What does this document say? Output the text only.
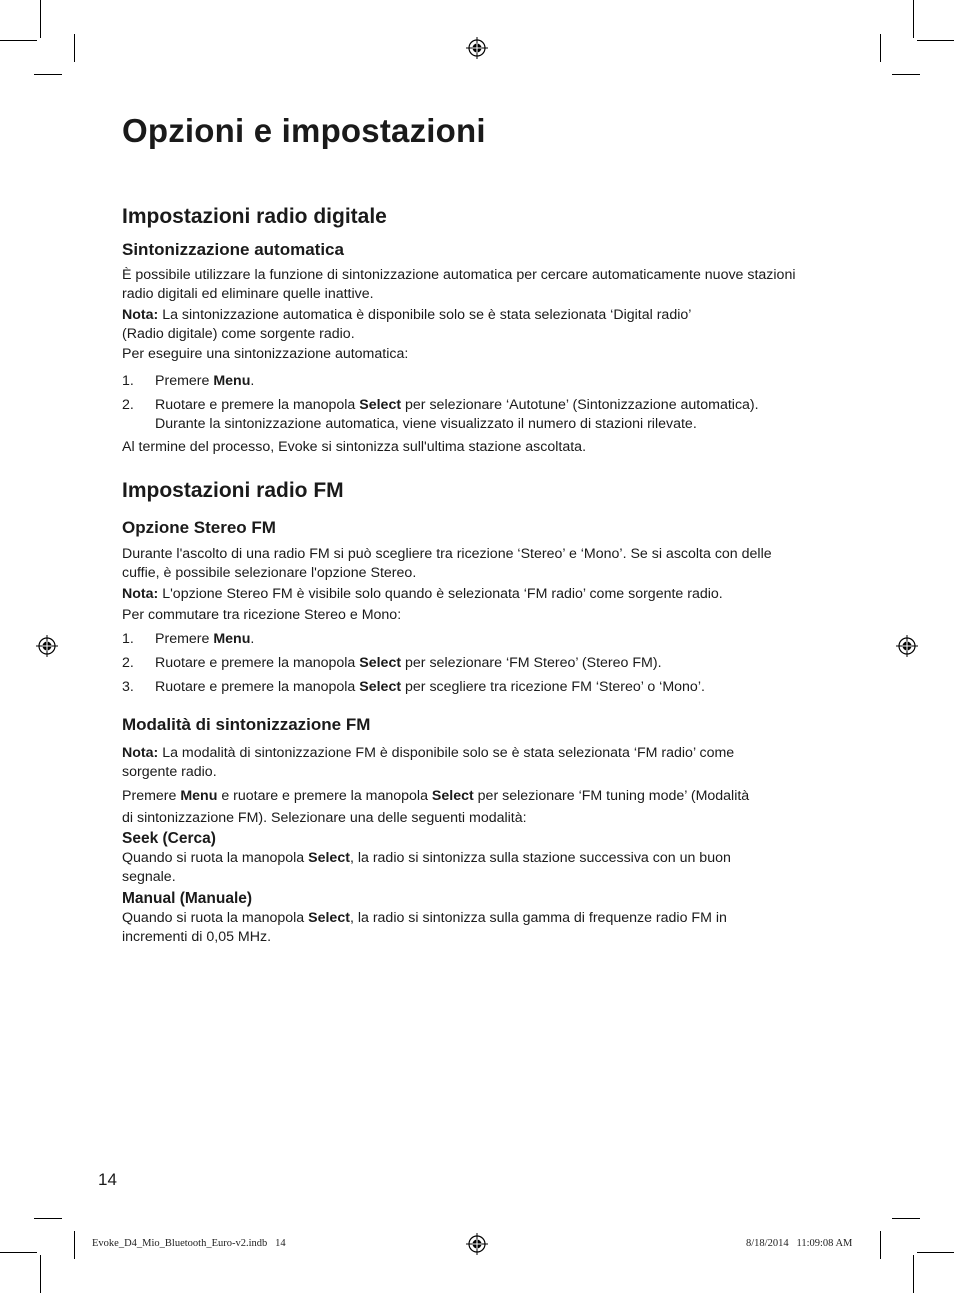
Opzioni e impostazioni
Impostazioni radio digitale
Sintonizzazione automatica

È possibile utilizzare la funzione di sintonizzazione automatica per cercare automaticamente nuove stazioni radio digitali ed eliminare quelle inattive.

Nota: La sintonizzazione automatica è disponibile solo se è stata selezionata ‘Digital radio’
(Radio digitale) come sorgente radio.

Per eseguire una sintonizzazione automatica:

1. Premere Menu.
2. Ruotare e premere la manopola Select per selezionare ‘Autotune’ (Sintonizzazione automatica).
Durante la sintonizzazione automatica, viene visualizzato il numero di stazioni rilevate.

Al termine del processo, Evoke si sintonizza sull'ultima stazione ascoltata.

Impostazioni radio FM
Opzione Stereo FM

Durante l'ascolto di una radio FM si può scegliere tra ricezione ‘Stereo’ e ‘Mono’. Se si ascolta con delle
cuffie, è possibile selezionare l'opzione Stereo.

Nota: L'opzione Stereo FM è visibile solo quando è selezionata ‘FM radio’ come sorgente radio.

Per commutare tra ricezione Stereo e Mono:

1. Premere Menu.
2. Ruotare e premere la manopola Select per selezionare ‘FM Stereo’ (Stereo FM).
3. Ruotare e premere la manopola Select per scegliere tra ricezione FM ‘Stereo’ o ‘Mono’.
Modalità di sintonizzazione FM

Nota: La modalità di sintonizzazione FM è disponibile solo se è stata selezionata ‘FM radio’ come
sorgente radio.

Premere Menu e ruotare e premere la manopola Select per selezionare ‘FM tuning mode’ (Modalità
di sintonizzazione FM). Selezionare una delle seguenti modalità:

Seek (Cerca)

Quando si ruota la manopola Select, la radio si sintonizza sulla stazione successiva con un buon
segnale.

Manual (Manuale)

Quando si ruota la manopola Select, la radio si sintonizza sulla gamma di frequenze radio FM in
incrementi di 0,05 MHz.

14
Evoke_D4_Mio_Bluetooth_Euro-v2.indb   14	8/18/2014   11:09:08 AM
